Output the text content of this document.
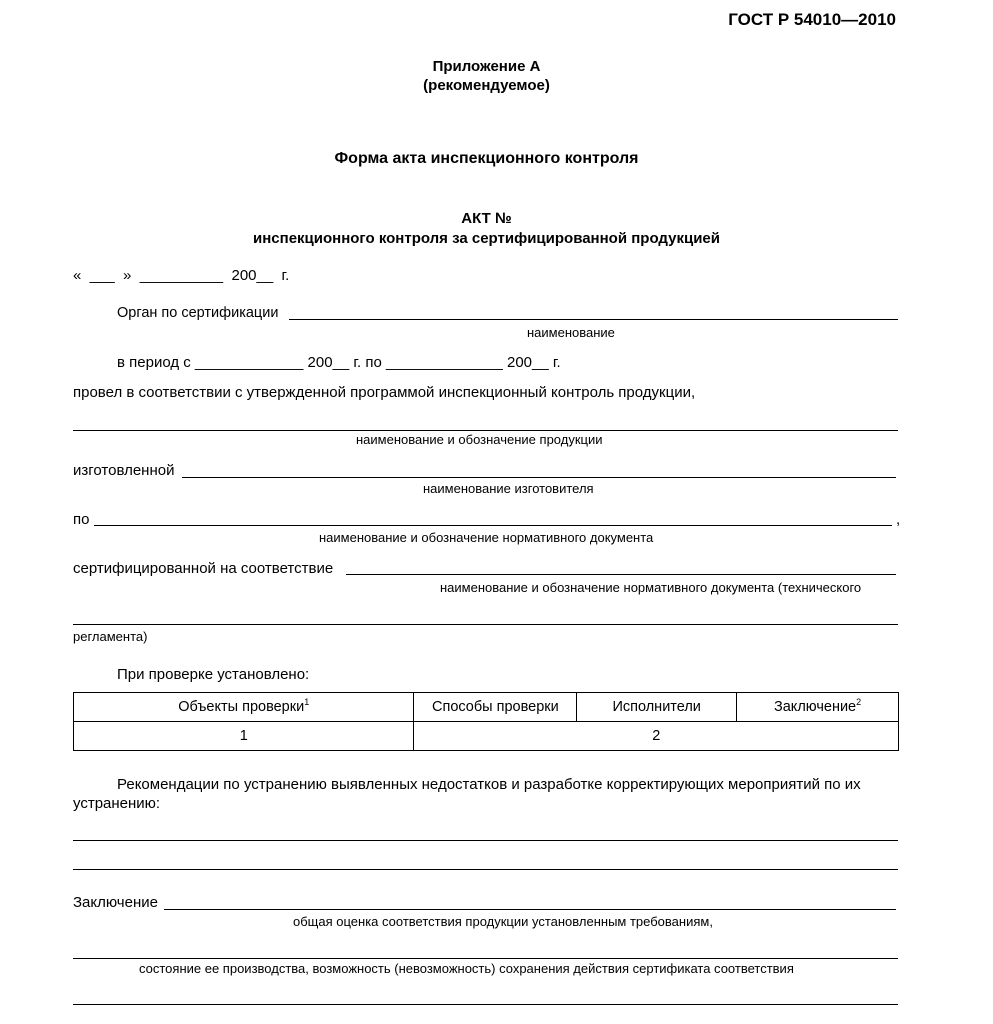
ГОСТ Р 54010—2010
Приложение А
(рекомендуемое)
Форма акта инспекционного контроля
АКТ №
инспекционного контроля за сертифицированной продукцией
«  ___  »  __________  200__  г.
Орган по сертификации
наименование
в период с _____________ 200__ г. по ______________ 200__ г.
провел в соответствии с утвержденной программой инспекционный контроль продукции,
наименование и обозначение продукции
изготовленной
наименование изготовителя
по	,
наименование и обозначение нормативного документа
сертифицированной на соответствие
наименование и обозначение нормативного документа (технического
регламента)
При проверке установлено:
Объекты проверки$^1$	Способы проверки	Исполнители	Заключение$^2$
1	2		
Рекомендации по устранению выявленных недостатков и разработке корректирующих мероприятий по их
устранению:
Заключение
общая оценка соответствия продукции установленным требованиям,
состояние ее производства, возможность (невозможность) сохранения действия сертификата соответствия
